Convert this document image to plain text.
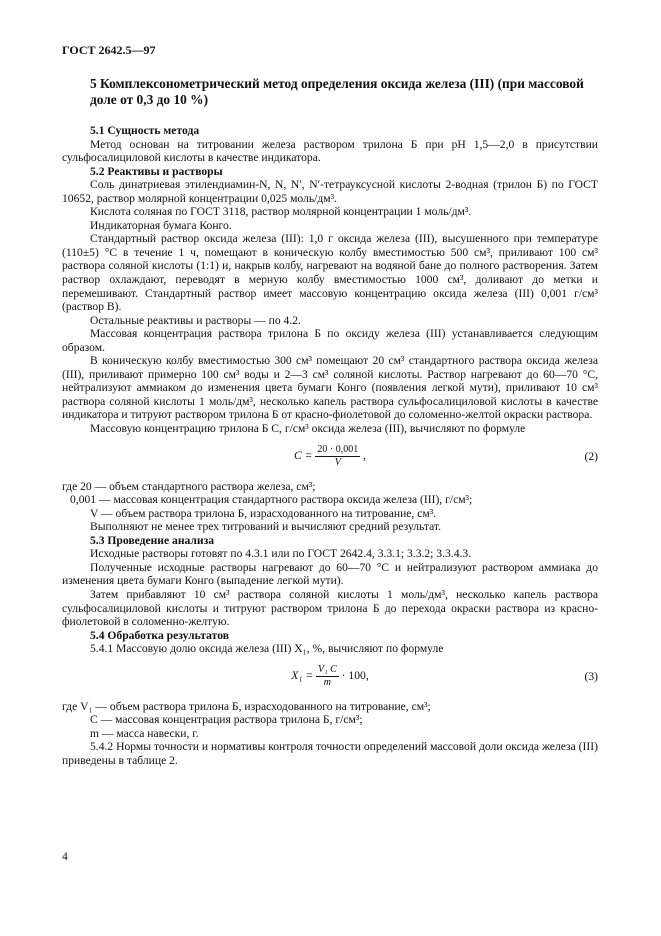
ГОСТ 2642.5—97
5 Комплексонометрический метод определения оксида железа (III) (при массовой доле от 0,3 до 10 %)

5.1 Сущность метода

Метод основан на титровании железа раствором трилона Б при pH 1,5—2,0 в присутствии сульфосалициловой кислоты в качестве индикатора.

5.2 Реактивы и растворы

Соль динатриевая этилендиамин-N, N, N′, N′-тетрауксусной кислоты 2-водная (трилон Б) по ГОСТ 10652, раствор молярной концентрации 0,025 моль/дм³.

Кислота соляная по ГОСТ 3118, раствор молярной концентрации 1 моль/дм³.

Индикаторная бумага Конго.

Стандартный раствор оксида железа (III): 1,0 г оксида железа (III), высушенного при температуре (110±5) °С в течение 1 ч, помещают в коническую колбу вместимостью 500 см³, приливают 100 см³ раствора соляной кислоты (1:1) и, накрыв колбу, нагревают на водяной бане до полного растворения. Затем раствор охлаждают, переводят в мерную колбу вместимостью 1000 см³, доливают до метки и перемешивают. Стандартный раствор имеет массовую концентрацию оксида железа (III) 0,001 г/см³ (раствор В).

Остальные реактивы и растворы — по 4.2.

Массовая концентрация раствора трилона Б по оксиду железа (III) устанавливается следующим образом.

В коническую колбу вместимостью 300 см³ помещают 20 см³ стандартного раствора оксида железа (III), приливают примерно 100 см³ воды и 2—3 см³ соляной кислоты. Раствор нагревают до 60—70 °С, нейтрализуют аммиаком до изменения цвета бумаги Конго (появления легкой мути), приливают 10 см³ раствора соляной кислоты 1 моль/дм³, несколько капель раствора сульфосалициловой кислоты в качестве индикатора и титруют раствором трилона Б от красно-фиолетовой до соломенно-желтой окраски раствора.

Массовую концентрацию трилона Б C, г/см³ оксида железа (III), вычисляют по формуле

$C = \frac{20 \cdot 0,001}{V}$ ,	(2)
где 20 — объем стандартного раствора железа, см³;
0,001 — массовая концентрация стандартного раствора оксида железа (III), г/см³;
V — объем раствора трилона Б, израсходованного на титрование, см³.

Выполняют не менее трех титрований и вычисляют средний результат.

5.3 Проведение анализа

Исходные растворы готовят по 4.3.1 или по ГОСТ 2642.4, 3.3.1; 3.3.2; 3.3.4.3.

Полученные исходные растворы нагревают до 60—70 °С и нейтрализуют раствором аммиака до изменения цвета бумаги Конго (выпадение легкой мути).

Затем прибавляют 10 см³ раствора соляной кислоты 1 моль/дм³, несколько капель раствора сульфосалициловой кислоты и титруют раствором трилона Б до перехода окраски раствора из красно-фиолетовой в соломенно-желтую.

5.4 Обработка результатов

5.4.1 Массовую долю оксида железа (III) X₁, %, вычисляют по формуле

$X_1 = \frac{\text{V₁ C}}{m} \cdot 100$,	(3)
где V₁ — объем раствора трилона Б, израсходованного на титрование, см³;
C — массовая концентрация раствора трилона Б, г/см³;
m — масса навески, г.

5.4.2 Нормы точности и нормативы контроля точности определений массовой доли оксида железа (III) приведены в таблице 2.

4
